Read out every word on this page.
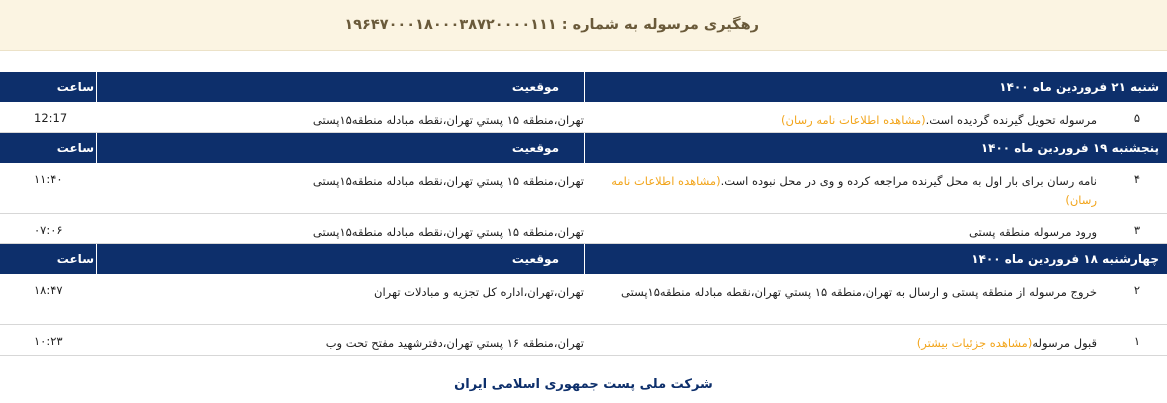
رهگیری مرسوله به شماره : ۱۹۶۴۷۰۰۰۱۸۰۰۰۳۸۷۲۰۰۰۰۱۱۱
شنبه ۲۱ فروردین ماه ۱۴۰۰
موقعیت
ساعت
۵
مرسوله تحویل گیرنده گردیده است.(مشاهده اطلاعات نامه رسان)
تهران،منطقه ۱۵ پستي تهران،نقطه مبادله منطقه۱۵پستی
12:17
پنجشنبه ۱۹ فروردین ماه ۱۴۰۰
موقعیت
ساعت
۴
نامه رسان برای بار اول به محل گیرنده مراجعه کرده و وی در محل نبوده است.(مشاهده اطلاعات نامه رسان)
تهران،منطقه ۱۵ پستي تهران،نقطه مبادله منطقه۱۵پستی
۱۱:۴۰
۳
ورود مرسوله منطقه پستی
تهران،منطقه ۱۵ پستي تهران،نقطه مبادله منطقه۱۵پستی
۰۷:۰۶
چهارشنبه ۱۸ فروردین ماه ۱۴۰۰
موقعیت
ساعت
۲
خروج مرسوله از منطقه پستی و ارسال به تهران،منطقه ۱۵ پستي تهران،نقطه مبادله منطقه۱۵پستی
تهران،تهران،اداره کل تجزیه و مبادلات تهران
۱۸:۴۷
۱
قبول مرسوله(مشاهده جزئیات بیشتر)
تهران،منطقه ۱۶ پستي تهران،دفترشهید مفتح تحت وب
۱۰:۲۳
شرکت ملی پست جمهوری اسلامی ایران
